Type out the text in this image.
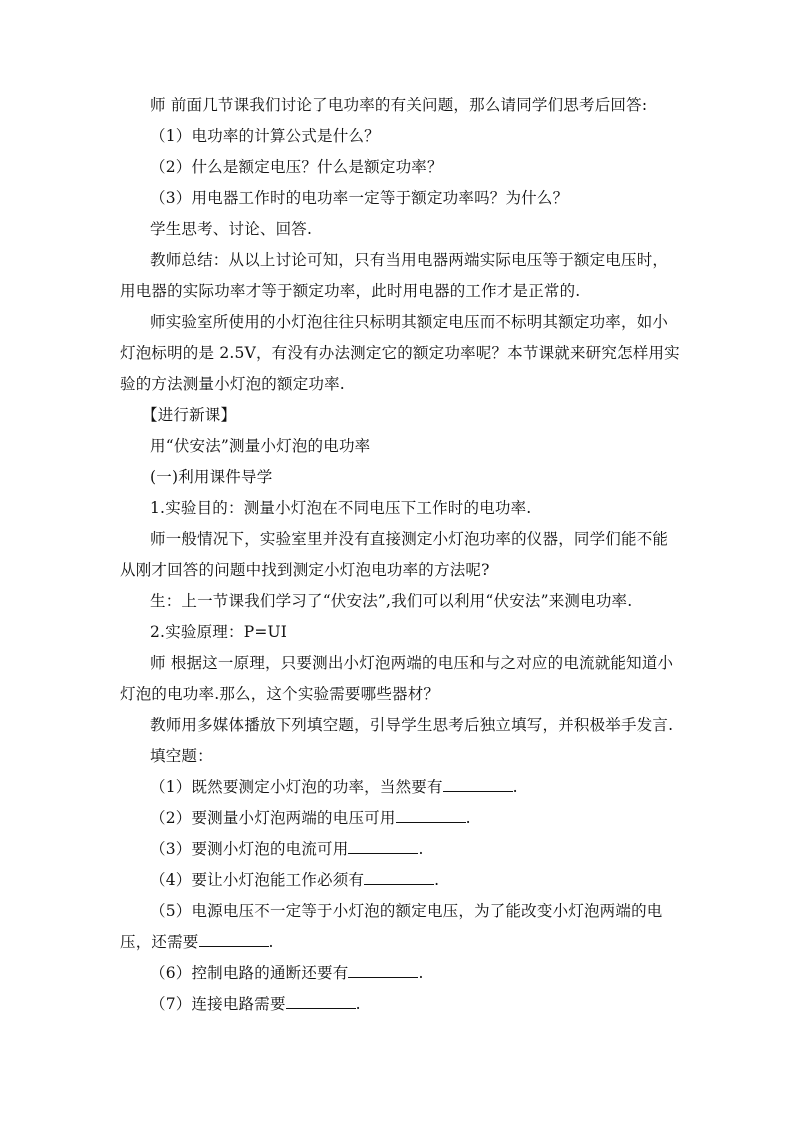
师 前面几节课我们讨论了电功率的有关问题，那么请同学们思考后回答:

（1）电功率的计算公式是什么？

（2）什么是额定电压？什么是额定功率？

（3）用电器工作时的电功率一定等于额定功率吗？为什么？

学生思考、讨论、回答.

教师总结：从以上讨论可知，只有当用电器两端实际电压等于额定电压时，用电器的实际功率才等于额定功率，此时用电器的工作才是正常的.

师实验室所使用的小灯泡往往只标明其额定电压而不标明其额定功率，如小灯泡标明的是 2.5V，有没有办法测定它的额定功率呢？本节课就来研究怎样用实验的方法测量小灯泡的额定功率.

【进行新课】

用“伏安法”测量小灯泡的电功率

(一)利用课件导学

1.实验目的：测量小灯泡在不同电压下工作时的电功率.

师一般情况下，实验室里并没有直接测定小灯泡功率的仪器，同学们能不能从刚才回答的问题中找到测定小灯泡电功率的方法呢?

生：上一节课我们学习了“伏安法”,我们可以利用“伏安法”来测电功率.

2.实验原理：P=UI

师 根据这一原理，只要测出小灯泡两端的电压和与之对应的电流就能知道小灯泡的电功率.那么，这个实验需要哪些器材？

教师用多媒体播放下列填空题，引导学生思考后独立填写，并积极举手发言.

填空题：

（1）既然要测定小灯泡的功率，当然要有	.

（2）要测量小灯泡两端的电压可用	.

（3）要测小灯泡的电流可用	.

（4）要让小灯泡能工作必须有	.

（5）电源电压不一定等于小灯泡的额定电压，为了能改变小灯泡两端的电压，还需要	.

（6）控制电路的通断还要有	.

（7）连接电路需要	.
